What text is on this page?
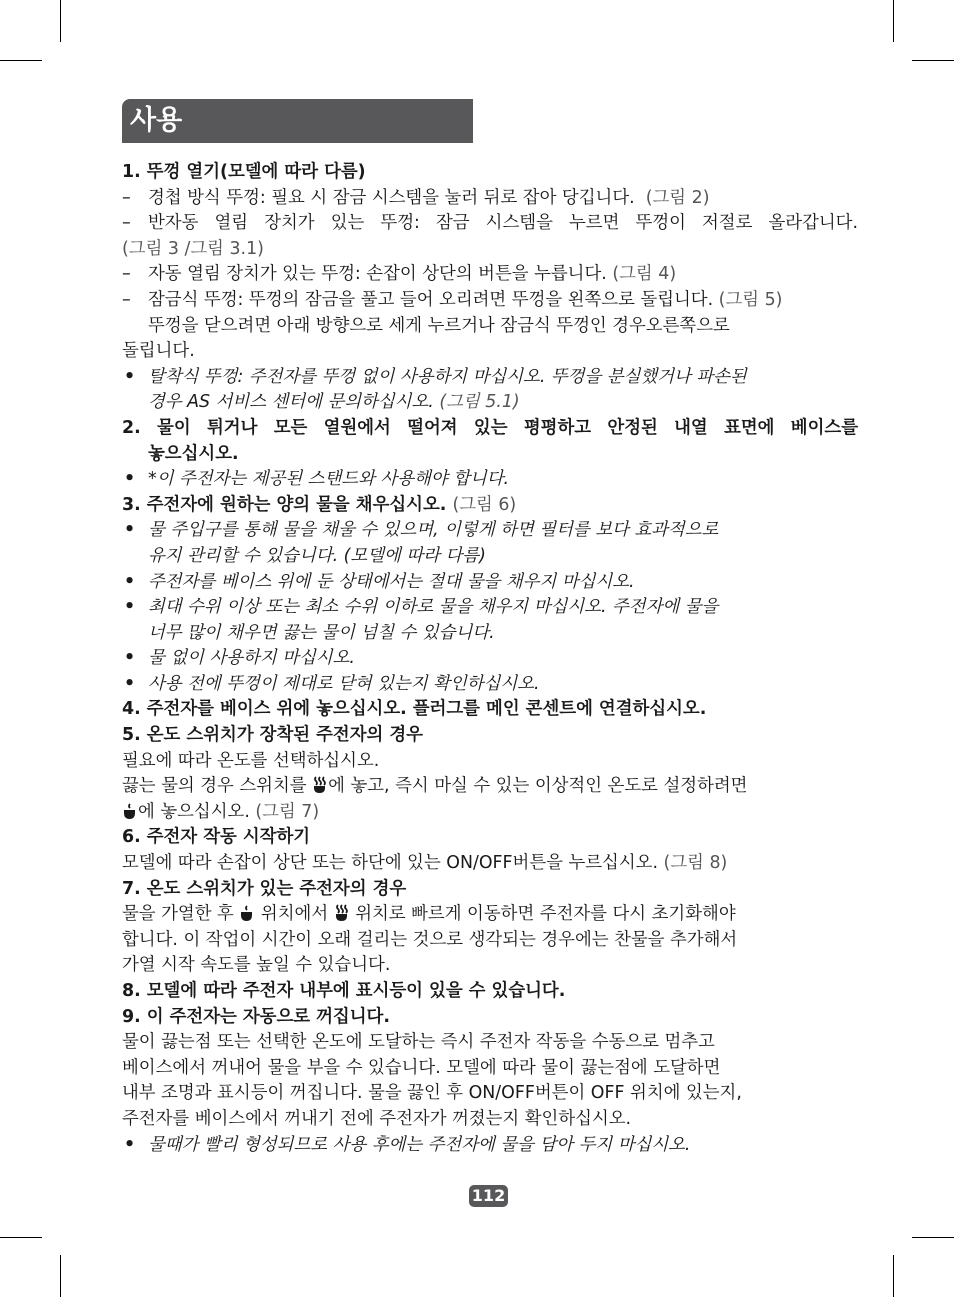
사용
1. 뚜껑 열기(모델에 따라 다름)
– 경첩 방식 뚜껑: 필요 시 잠금 시스템을 눌러 뒤로 잡아 당깁니다. (그림 2)
– 반자동 열림 장치가 있는 뚜껑: 잠금 시스템을 누르면 뚜껑이 저절로 올라갑니다.
(그림 3 /그림 3.1)
– 자동 열림 장치가 있는 뚜껑: 손잡이 상단의 버튼을 누릅니다. (그림 4)
– 잠금식 뚜껑: 뚜껑의 잠금을 풀고 들어 오리려면 뚜껑을 왼쪽으로 돌립니다. (그림 5)
뚜껑을 닫으려면 아래 방향으로 세게 누르거나 잠금식 뚜껑인 경우오른쪽으로
돌립니다.
• 탈착식 뚜껑: 주전자를 뚜껑 없이 사용하지 마십시오. 뚜껑을 분실했거나 파손된
경우 AS 서비스 센터에 문의하십시오. (그림 5.1)
2. 물이 튀거나 모든 열원에서 떨어져 있는 평평하고 안정된 내열 표면에 베이스를
놓으십시오.
• *이 주전자는 제공된 스탠드와 사용해야 합니다.
3. 주전자에 원하는 양의 물을 채우십시오. (그림 6)
• 물 주입구를 통해 물을 채울 수 있으며, 이렇게 하면 필터를 보다 효과적으로
유지 관리할 수 있습니다. (모델에 따라 다름)
• 주전자를 베이스 위에 둔 상태에서는 절대 물을 채우지 마십시오.
• 최대 수위 이상 또는 최소 수위 이하로 물을 채우지 마십시오. 주전자에 물을
너무 많이 채우면 끓는 물이 넘칠 수 있습니다.
• 물 없이 사용하지 마십시오.
• 사용 전에 뚜껑이 제대로 닫혀 있는지 확인하십시오.
4. 주전자를 베이스 위에 놓으십시오. 플러그를 메인 콘센트에 연결하십시오.
5. 온도 스위치가 장착된 주전자의 경우
필요에 따라 온도를 선택하십시오.
끓는 물의 경우 스위치를 에 놓고, 즉시 마실 수 있는 이상적인 온도로 설정하려면
에 놓으십시오. (그림 7)
6. 주전자 작동 시작하기
모델에 따라 손잡이 상단 또는 하단에 있는 ON/OFF버튼을 누르십시오. (그림 8)
7. 온도 스위치가 있는 주전자의 경우
물을 가열한 후 위치에서 위치로 빠르게 이동하면 주전자를 다시 초기화해야
합니다. 이 작업이 시간이 오래 걸리는 것으로 생각되는 경우에는 찬물을 추가해서
가열 시작 속도를 높일 수 있습니다.
8. 모델에 따라 주전자 내부에 표시등이 있을 수 있습니다.
9. 이 주전자는 자동으로 꺼집니다.
물이 끓는점 또는 선택한 온도에 도달하는 즉시 주전자 작동을 수동으로 멈추고
베이스에서 꺼내어 물을 부을 수 있습니다. 모델에 따라 물이 끓는점에 도달하면
내부 조명과 표시등이 꺼집니다. 물을 끓인 후 ON/OFF버튼이 OFF 위치에 있는지,
주전자를 베이스에서 꺼내기 전에 주전자가 꺼졌는지 확인하십시오.
• 물때가 빨리 형성되므로 사용 후에는 주전자에 물을 담아 두지 마십시오.
112
